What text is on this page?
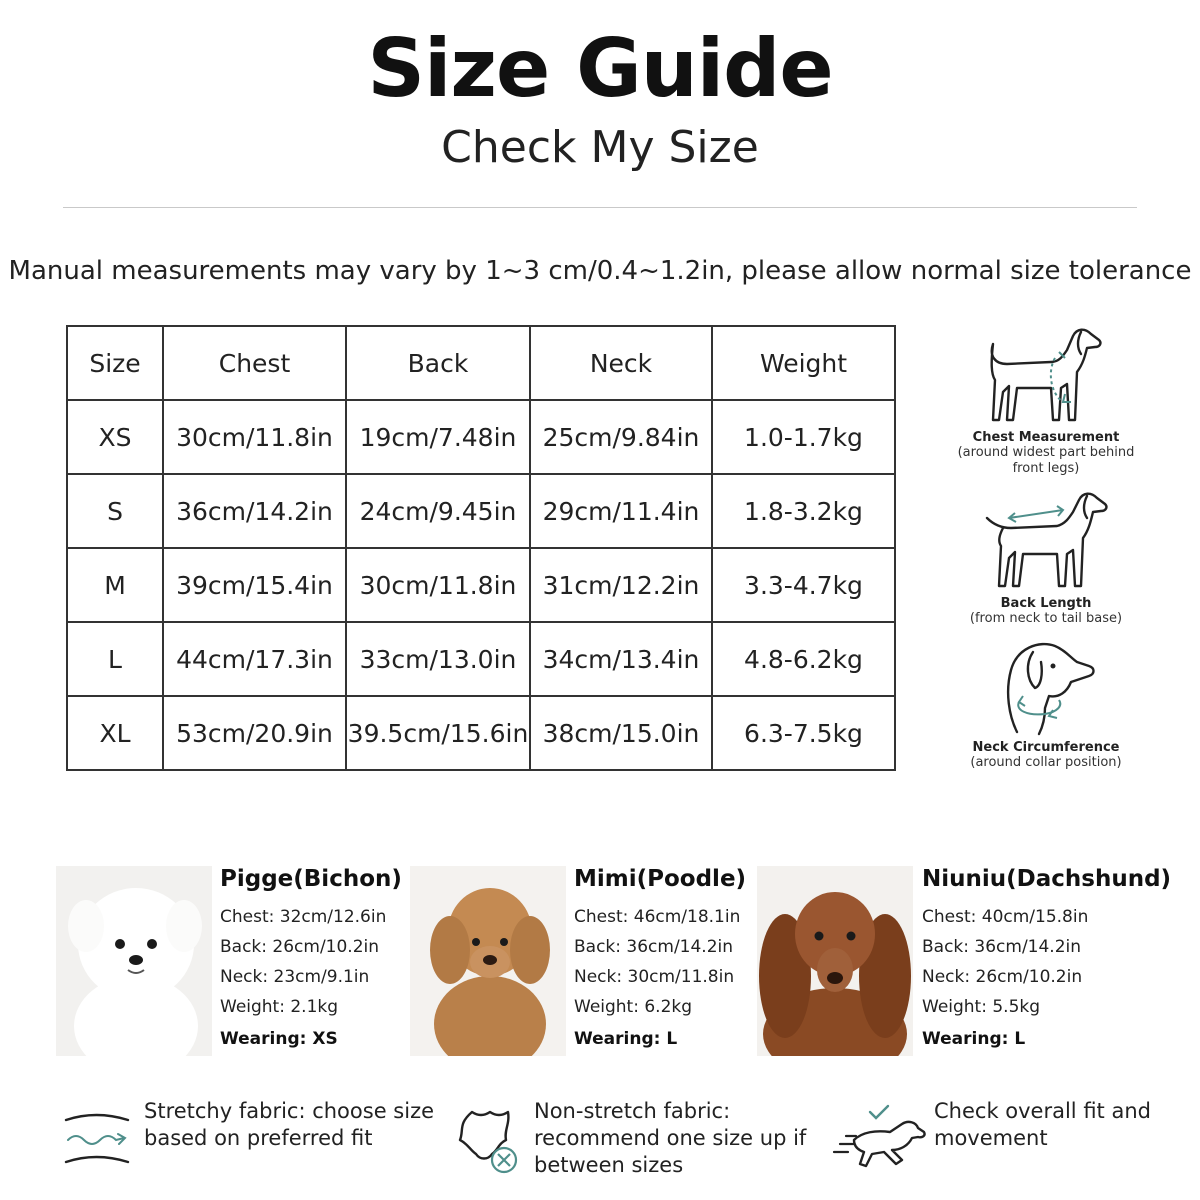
Size Guide
Check My Size
Manual measurements may vary by 1~3 cm/0.4~1.2in, please allow normal size tolerance
Size	Chest	Back	Neck	Weight
XS	30cm/11.8in	19cm/7.48in	25cm/9.84in	1.0-1.7kg
S	36cm/14.2in	24cm/9.45in	29cm/11.4in	1.8-3.2kg
M	39cm/15.4in	30cm/11.8in	31cm/12.2in	3.3-4.7kg
L	44cm/17.3in	33cm/13.0in	34cm/13.4in	4.8-6.2kg
XL	53cm/20.9in	39.5cm/15.6in	38cm/15.0in	6.3-7.5kg
Chest Measurement
(around widest part behind
front legs)
Back Length
(from neck to tail base)
Neck Circumference
(around collar position)
Pigge(Bichon)
Chest: 32cm/12.6in
Back: 26cm/10.2in
Neck: 23cm/9.1in
Weight: 2.1kg
Wearing: XS
Mimi(Poodle)
Chest: 46cm/18.1in
Back: 36cm/14.2in
Neck: 30cm/11.8in
Weight: 6.2kg
Wearing: L
Niuniu(Dachshund)
Chest: 40cm/15.8in
Back: 36cm/14.2in
Neck: 26cm/10.2in
Weight: 5.5kg
Wearing: L
Stretchy fabric: choose size
based on preferred fit
Non-stretch fabric:
recommend one size up if
between sizes
Check overall fit and
movement
